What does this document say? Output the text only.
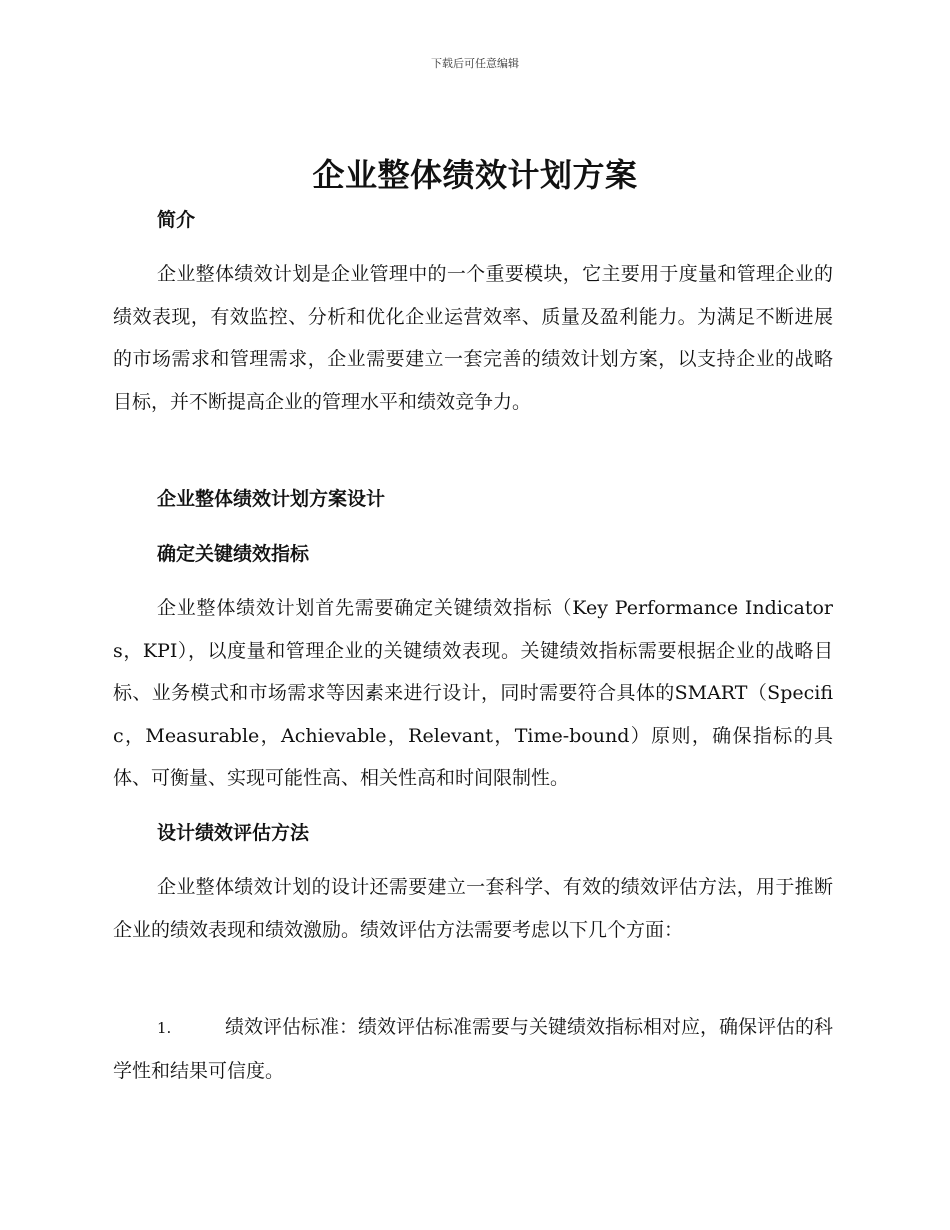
下载后可任意编辑
企业整体绩效计划方案
简介
企业整体绩效计划是企业管理中的一个重要模块，它主要用于度量和管理企业的绩效表现，有效监控、分析和优化企业运营效率、质量及盈利能力。为满足不断进展的市场需求和管理需求，企业需要建立一套完善的绩效计划方案，以支持企业的战略目标，并不断提高企业的管理水平和绩效竞争力。
企业整体绩效计划方案设计
确定关键绩效指标
企业整体绩效计划首先需要确定关键绩效指标（Key Performance Indicators，KPI），以度量和管理企业的关键绩效表现。关键绩效指标需要根据企业的战略目标、业务模式和市场需求等因素来进行设计，同时需要符合具体的SMART（Specific，Measurable，Achievable，Relevant，Time-bound）原则，确保指标的具体、可衡量、实现可能性高、相关性高和时间限制性。
设计绩效评估方法
企业整体绩效计划的设计还需要建立一套科学、有效的绩效评估方法，用于推断企业的绩效表现和绩效激励。绩效评估方法需要考虑以下几个方面：
1.	绩效评估标准：绩效评估标准需要与关键绩效指标相对应，确保评估的科学性和结果可信度。
